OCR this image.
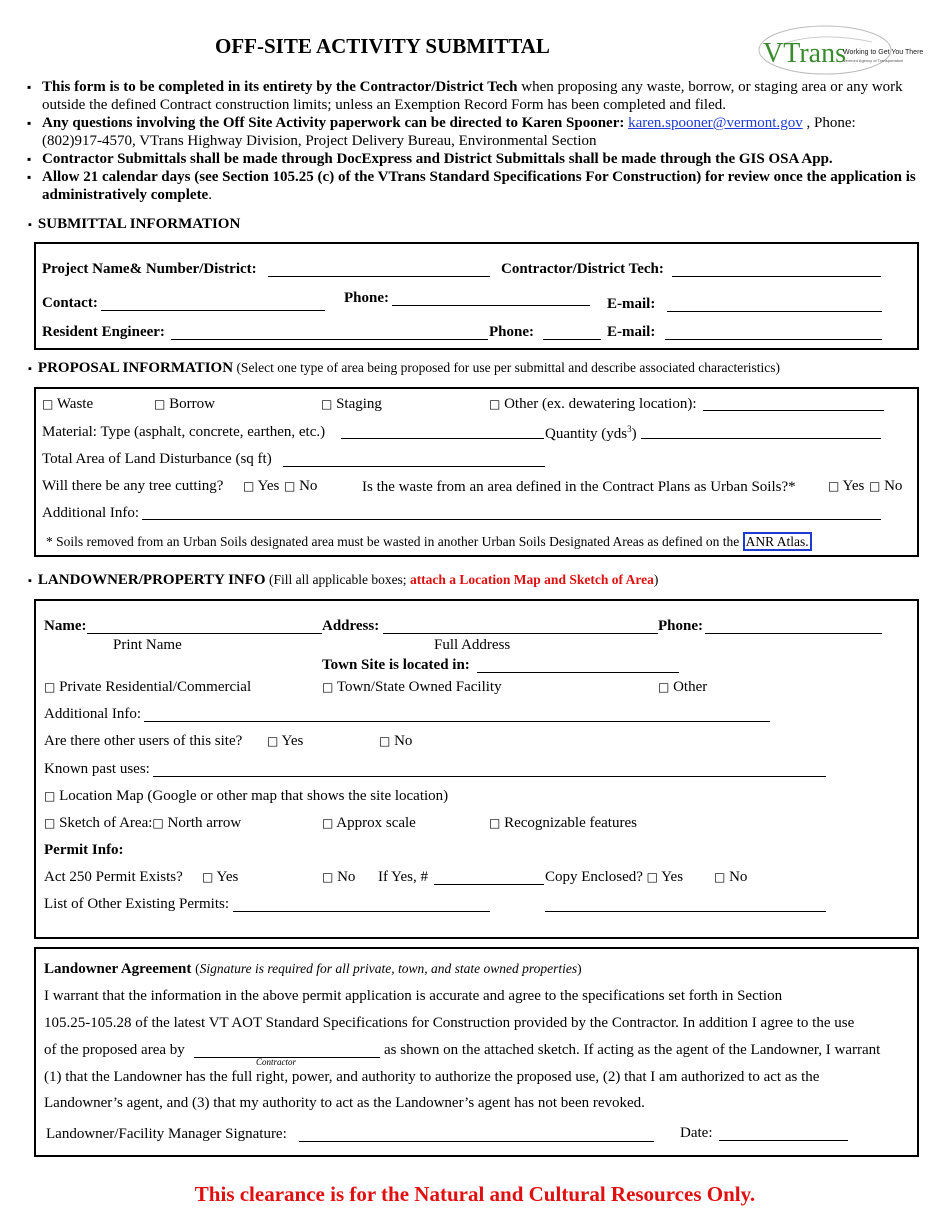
OFF-SITE ACTIVITY SUBMITTAL	VTrans
Working to Get You There
Vermont Agency of Transportation
▪ This form is to be completed in its entirety by the Contractor/District Tech when proposing any waste, borrow, or staging area or any work outside the defined Contract construction limits; unless an Exemption Record Form has been completed and filed.
▪ Any questions involving the Off Site Activity paperwork can be directed to Karen Spooner: karen.spooner@vermont.gov , Phone: (802)917-4570, VTrans Highway Division, Project Delivery Bureau, Environmental Section
▪ Contractor Submittals shall be made through DocExpress and District Submittals shall be made through the GIS OSA App.
▪ Allow 21 calendar days (see Section 105.25 (c) of the VTrans Standard Specifications For Construction) for review once the application is administratively complete.
▪ SUBMITTAL INFORMATION
Project Name& Number/District:	Contractor/District Tech:
Contact:	Phone:	E-mail:
Resident Engineer:	Phone:	E-mail:
▪ PROPOSAL INFORMATION (Select one type of area being proposed for use per submittal and describe associated characteristics)
□ Waste	□ Borrow	□ Staging	□ Other (ex. dewatering location):
Material: Type (asphalt, concrete, earthen, etc.)	Quantity (yds$^3$)
Total Area of Land Disturbance (sq ft)
Will there be any tree cutting? □ Yes □ No	Is the waste from an area defined in the Contract Plans as Urban Soils?*	□ Yes □ No
Additional Info:
* Soils removed from an Urban Soils designated area must be wasted in another Urban Soils Designated Areas as defined on the ANR Atlas.
▪ LANDOWNER/PROPERTY INFO (Fill all applicable boxes; attach a Location Map and Sketch of Area)
Name:	Address:	Phone:
Print Name	Full Address
Town Site is located in:
□ Private Residential/Commercial	□ Town/State Owned Facility	□ Other
Additional Info:
Are there other users of this site? □ Yes	□ No
Known past uses:
□ Location Map (Google or other map that shows the site location)
□ Sketch of Area:□ North arrow	□ Approx scale	□ Recognizable features
Permit Info:
Act 250 Permit Exists? □ Yes	□ No If Yes, #	Copy Enclosed? □ Yes	□ No
List of Other Existing Permits:
Landowner Agreement (Signature is required for all private, town, and state owned properties)
I warrant that the information in the above permit application is accurate and agree to the specifications set forth in Section
105.25-105.28 of the latest VT AOT Standard Specifications for Construction provided by the Contractor. In addition I agree to the use
of the proposed area by
Contractor
as shown on the attached sketch. If acting as the agent of the Landowner, I warrant
(1) that the Landowner has the full right, power, and authority to authorize the proposed use, (2) that I am authorized to act as the
Landowner’s agent, and (3) that my authority to act as the Landowner’s agent has not been revoked.
Landowner/Facility Manager Signature:	Date:
This clearance is for the Natural and Cultural Resources Only.
